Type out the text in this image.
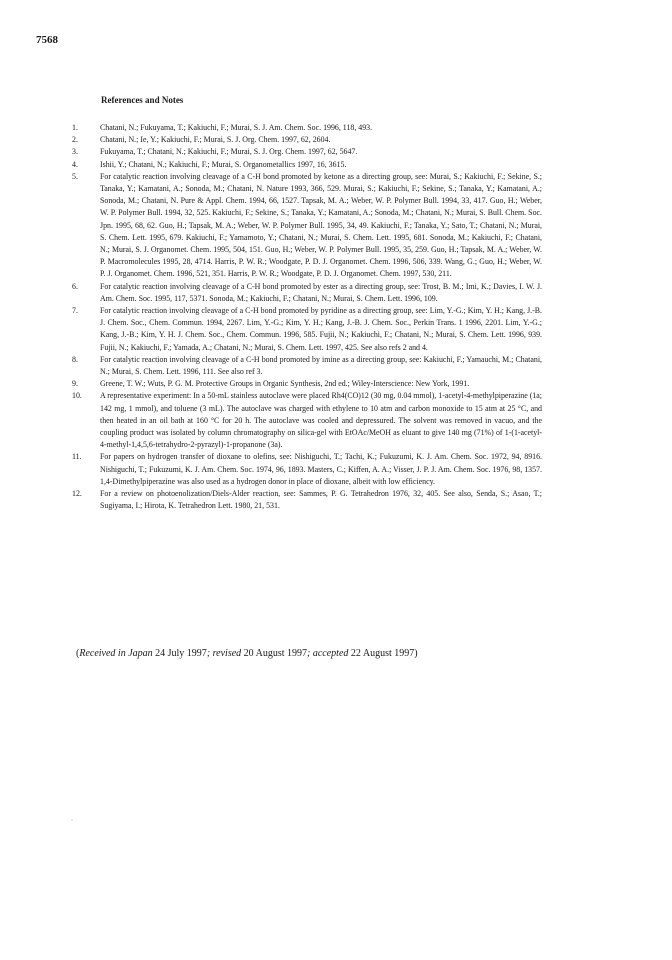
7568
References and Notes
1.	Chatani, N.; Fukuyama, T.; Kakiuchi, F.; Murai, S. J. Am. Chem. Soc. 1996, 118, 493.
2.	Chatani, N.; Ie, Y.; Kakiuchi, F.; Murai, S. J. Org. Chem. 1997, 62, 2604.
3.	Fukuyama, T.; Chatani, N.; Kakiuchi, F.; Murai, S. J. Org. Chem. 1997, 62, 5647.
4.	Ishii, Y.; Chatani, N.; Kakiuchi, F.; Murai, S. Organometallics 1997, 16, 3615.
5.	For catalytic reaction involving cleavage of a C-H bond promoted by ketone as a directing group, see: Murai, S.; Kakiuchi, F.; Sekine, S.; Tanaka, Y.; Kamatani, A.; Sonoda, M.; Chatani, N. Nature 1993, 366, 529. Murai, S.; Kakiuchi, F.; Sekine, S.; Tanaka, Y.; Kamatani, A.; Sonoda, M.; Chatani, N. Pure & Appl. Chem. 1994, 66, 1527. Tapsak, M. A.; Weber, W. P. Polymer Bull. 1994, 33, 417. Guo, H.; Weber, W. P. Polymer Bull. 1994, 32, 525. Kakiuchi, F.; Sekine, S.; Tanaka, Y.; Kamatani, A.; Sonoda, M.; Chatani, N.; Murai, S. Bull. Chem. Soc. Jpn. 1995, 68, 62. Guo, H.; Tapsak, M. A.; Weber, W. P. Polymer Bull. 1995, 34, 49. Kakiuchi, F.; Tanaka, Y.; Sato, T.; Chatani, N.; Murai, S. Chem. Lett. 1995, 679. Kakiuchi, F.; Yamamoto, Y.; Chatani, N.; Murai, S. Chem. Lett. 1995, 681. Sonoda, M.; Kakiuchi, F.; Chatani, N.; Murai, S. J. Organomet. Chem. 1995, 504, 151. Guo, H.; Weber, W. P. Polymer Bull. 1995, 35, 259. Guo, H.; Tapsak, M. A.; Weber, W. P. Macromolecules 1995, 28, 4714. Harris, P. W. R.; Woodgate, P. D. J. Organomet. Chem. 1996, 506, 339. Wang, G.; Guo, H.; Weber, W. P. J. Organomet. Chem. 1996, 521, 351. Harris, P. W. R.; Woodgate, P. D. J. Organomet. Chem. 1997, 530, 211.
6.	For catalytic reaction involving cleavage of a C-H bond promoted by ester as a directing group, see: Trost, B. M.; Imi, K.; Davies, I. W. J. Am. Chem. Soc. 1995, 117, 5371. Sonoda, M.; Kakiuchi, F.; Chatani, N.; Murai, S. Chem. Lett. 1996, 109.
7.	For catalytic reaction involving cleavage of a C-H bond promoted by pyridine as a directing group, see: Lim, Y.-G.; Kim, Y. H.; Kang, J.-B. J. Chem. Soc., Chem. Commun. 1994, 2267. Lim, Y.-G.; Kim, Y. H.; Kang, J.-B. J. Chem. Soc., Perkin Trans. 1 1996, 2201. Lim, Y.-G.; Kang, J.-B.; Kim, Y. H. J. Chem. Soc., Chem. Commun. 1996, 585. Fujii, N.; Kakiuchi, F.; Chatani, N.; Murai, S. Chem. Lett. 1996, 939. Fujii, N.; Kakiuchi, F.; Yamada, A.; Chatani, N.; Murai, S. Chem. Lett. 1997, 425. See also refs 2 and 4.
8.	For catalytic reaction involving cleavage of a C-H bond promoted by imine as a directing group, see: Kakiuchi, F.; Yamauchi, M.; Chatani, N.; Murai, S. Chem. Lett. 1996, 111. See also ref 3.
9.	Greene, T. W.; Wuts, P. G. M. Protective Groups in Organic Synthesis, 2nd ed.; Wiley-Interscience: New York, 1991.
10.	A representative experiment: In a 50-mL stainless autoclave were placed Rh4(CO)12 (30 mg, 0.04 mmol), 1-acetyl-4-methylpiperazine (1a; 142 mg, 1 mmol), and toluene (3 mL). The autoclave was charged with ethylene to 10 atm and carbon monoxide to 15 atm at 25 °C, and then heated in an oil bath at 160 °C for 20 h. The autoclave was cooled and depressured. The solvent was removed in vacuo, and the coupling product was isolated by column chromatography on silica-gel with EtOAc/MeOH as eluant to give 140 mg (71%) of 1-(1-acetyl-4-methyl-1,4,5,6-tetrahydro-2-pyrazyl)-1-propanone (3a).
11.	For papers on hydrogen transfer of dioxane to olefins, see: Nishiguchi, T.; Tachi, K.; Fukuzumi, K. J. Am. Chem. Soc. 1972, 94, 8916. Nishiguchi, T.; Fukuzumi, K. J. Am. Chem. Soc. 1974, 96, 1893. Masters, C.; Kiffen, A. A.; Visser, J. P. J. Am. Chem. Soc. 1976, 98, 1357. 1,4-Dimethylpiperazine was also used as a hydrogen donor in place of dioxane, albeit with low efficiency.
12.	For a review on photoenolization/Diels-Alder reaction, see: Sammes, P. G. Tetrahedron 1976, 32, 405. See also, Senda, S.; Asao, T.; Sugiyama, I.; Hirota, K. Tetrahedron Lett. 1980, 21, 531.
(Received in Japan 24 July 1997; revised 20 August 1997; accepted 22 August 1997)
